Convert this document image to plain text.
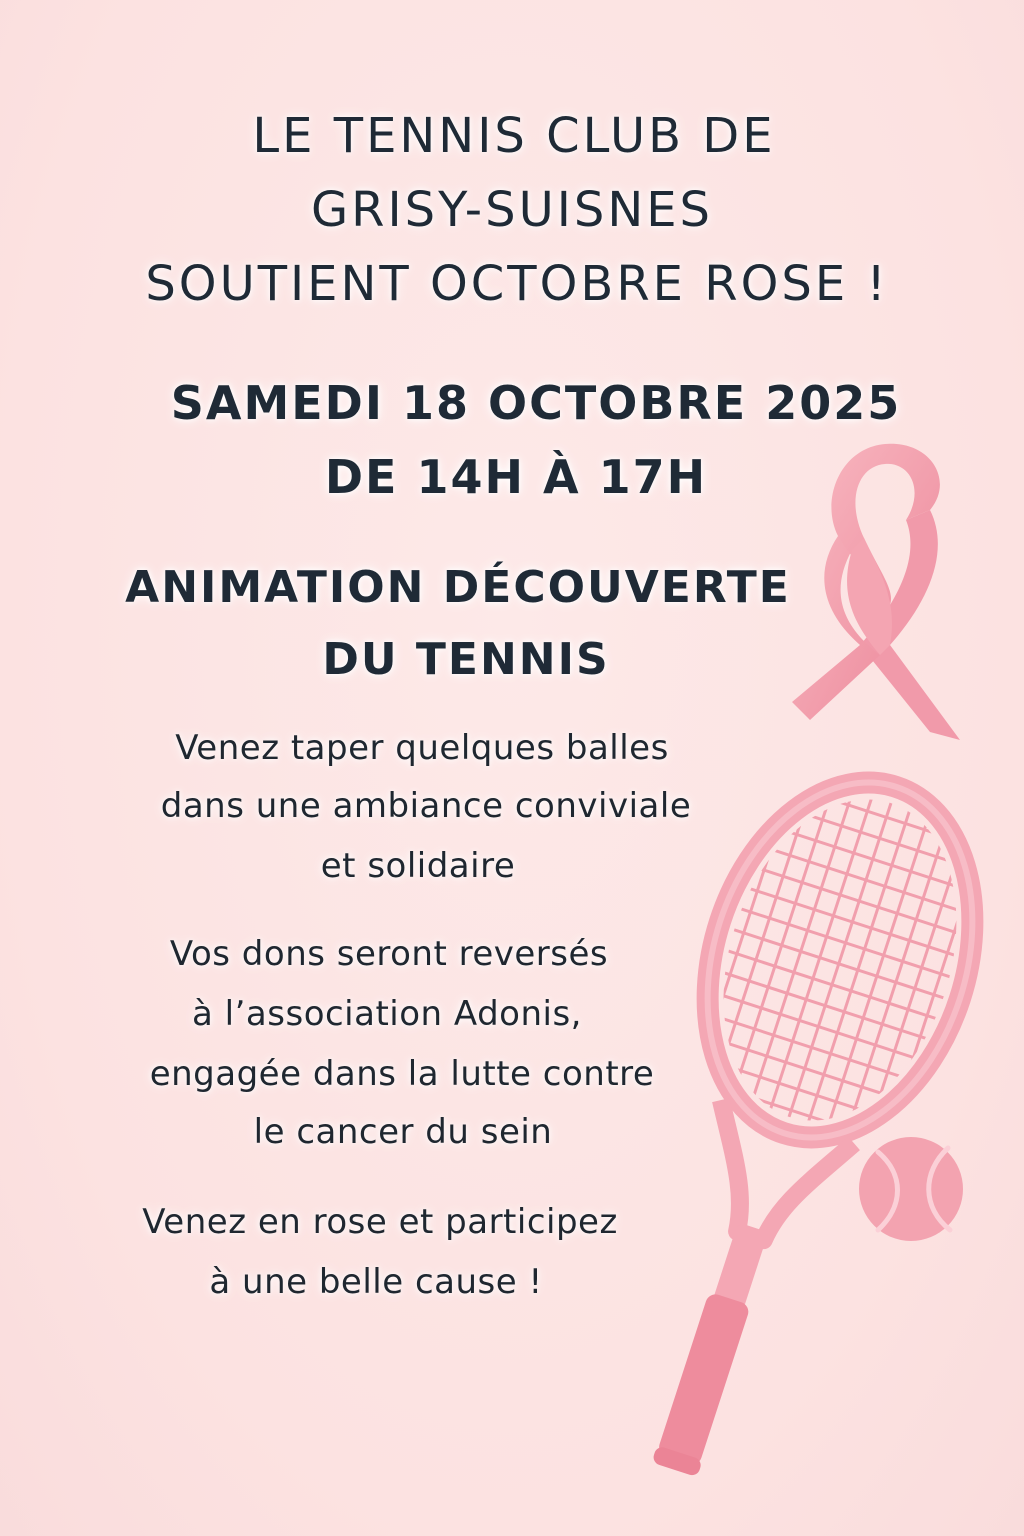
LE TENNIS CLUB DE
GRISY-SUISNES
SOUTIENT OCTOBRE ROSE !
SAMEDI 18 OCTOBRE 2025
DE 14H À 17H
ANIMATION DÉCOUVERTE
DU TENNIS
Venez taper quelques balles
dans une ambiance conviviale
et solidaire
Vos dons seront reversés
à l’association Adonis,
engagée dans la lutte contre
le cancer du sein
Venez en rose et participez
à une belle cause !
